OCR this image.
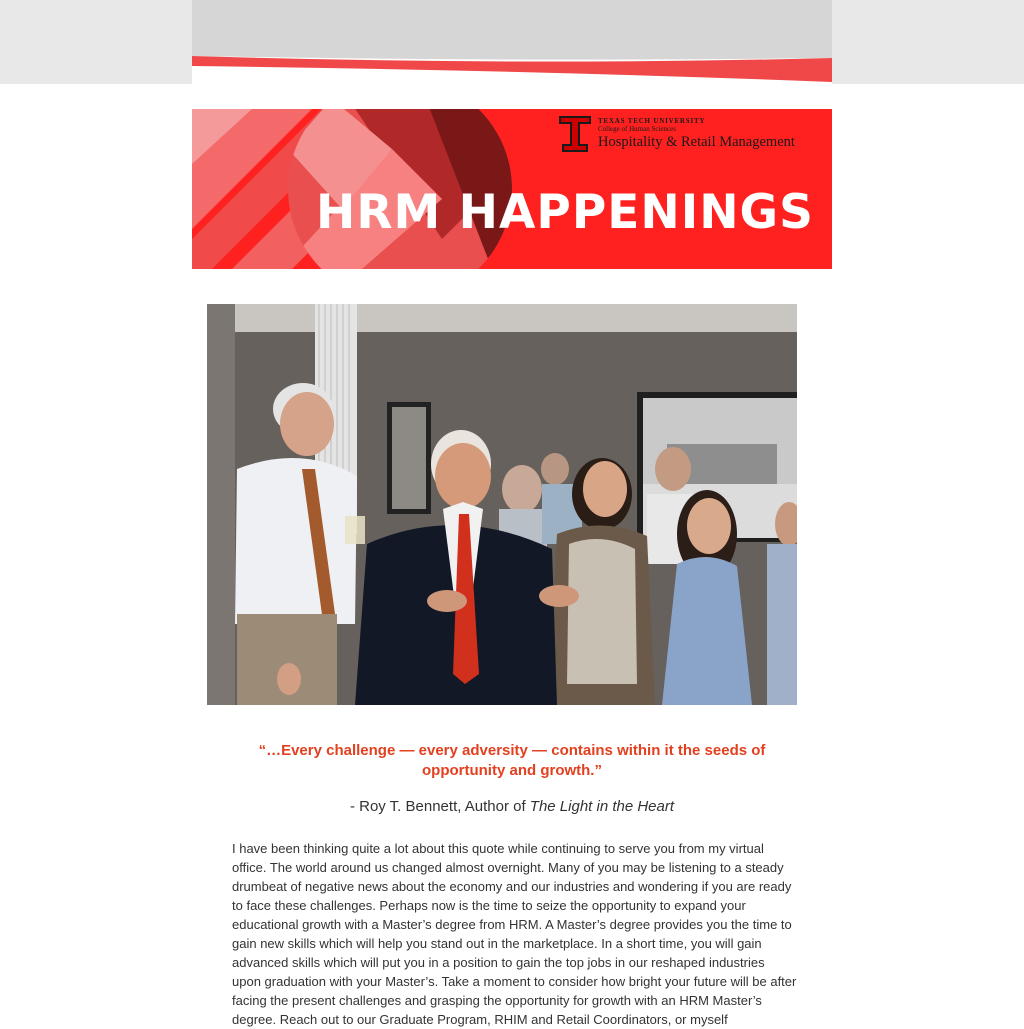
TEXAS TECH UNIVERSITY
College of Human Sciences
Hospitality & Retail Management
HRM HAPPENINGS
“…Every challenge — every adversity — contains within it the seeds of opportunity and growth.”
- Roy T. Bennett, Author of The Light in the Heart

I have been thinking quite a lot about this quote while continuing to serve you from my virtual office. The world around us changed almost overnight. Many of you may be listening to a steady drumbeat of negative news about the economy and our industries and wondering if you are ready to face these challenges. Perhaps now is the time to seize the opportunity to expand your educational growth with a Master’s degree from HRM. A Master’s degree provides you the time to gain new skills which will help you stand out in the marketplace. In a short time, you will gain advanced skills which will put you in a position to gain the top jobs in our reshaped industries upon graduation with your Master’s. Take a moment to consider how bright your future will be after facing the present challenges and grasping the opportunity for growth with an HRM Master’s degree. Reach out to our Graduate Program, RHIM and Retail Coordinators, or myself
